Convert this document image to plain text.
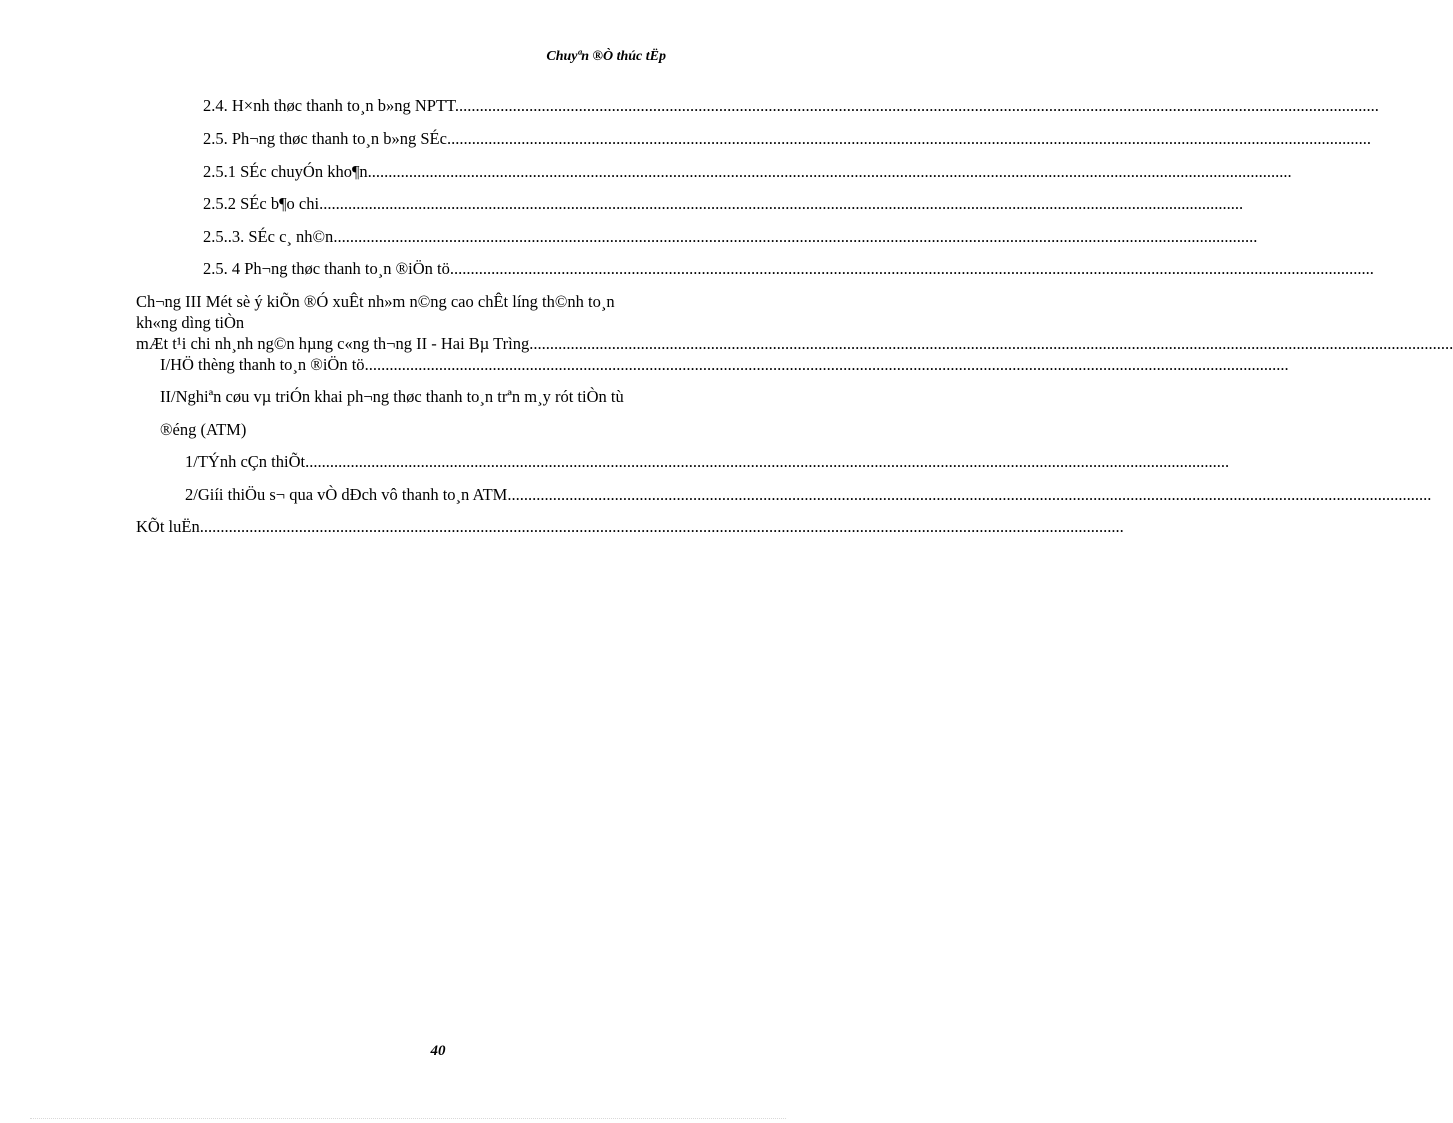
Chuyªn ®Ò thúc tËp
2.4. H×nh thøc thanh to¸n b»ng NPTT................................................................................................................................................................................................................................
2.5. Ph¬ng thøc thanh to¸n b»ng SÉc................................................................................................................................................................................................................................
2.5.1 SÉc chuyÓn kho¶n................................................................................................................................................................................................................................
2.5.2 SÉc b¶o chi................................................................................................................................................................................................................................
2.5..3. SÉc c¸ nh©n................................................................................................................................................................................................................................
2.5. 4 Ph¬ng thøc thanh to¸n ®iÖn tö................................................................................................................................................................................................................................
Ch¬ng III Mét sè ý kiÕn ®Ó xuÊt nh»m n©ng cao chÊt líng th©nh to¸n
kh«ng dìng tiÒn
mÆt t¹i chi nh¸nh ng©n hµng c«ng th¬ng II - Hai Bµ Trìng................................................................................................................................................................................................................................
I/HÖ thèng thanh to¸n ®iÖn tö................................................................................................................................................................................................................................
II/Nghiªn cøu vµ triÓn khai ph¬ng thøc thanh to¸n trªn m¸y rót tiÒn tù
®éng (ATM)
1/TÝnh cÇn thiÕt................................................................................................................................................................................................................................
2/Giíi thiÖu s¬ qua vÒ dÐch vô thanh to¸n ATM................................................................................................................................................................................................................................
KÕt luËn................................................................................................................................................................................................................................
40
